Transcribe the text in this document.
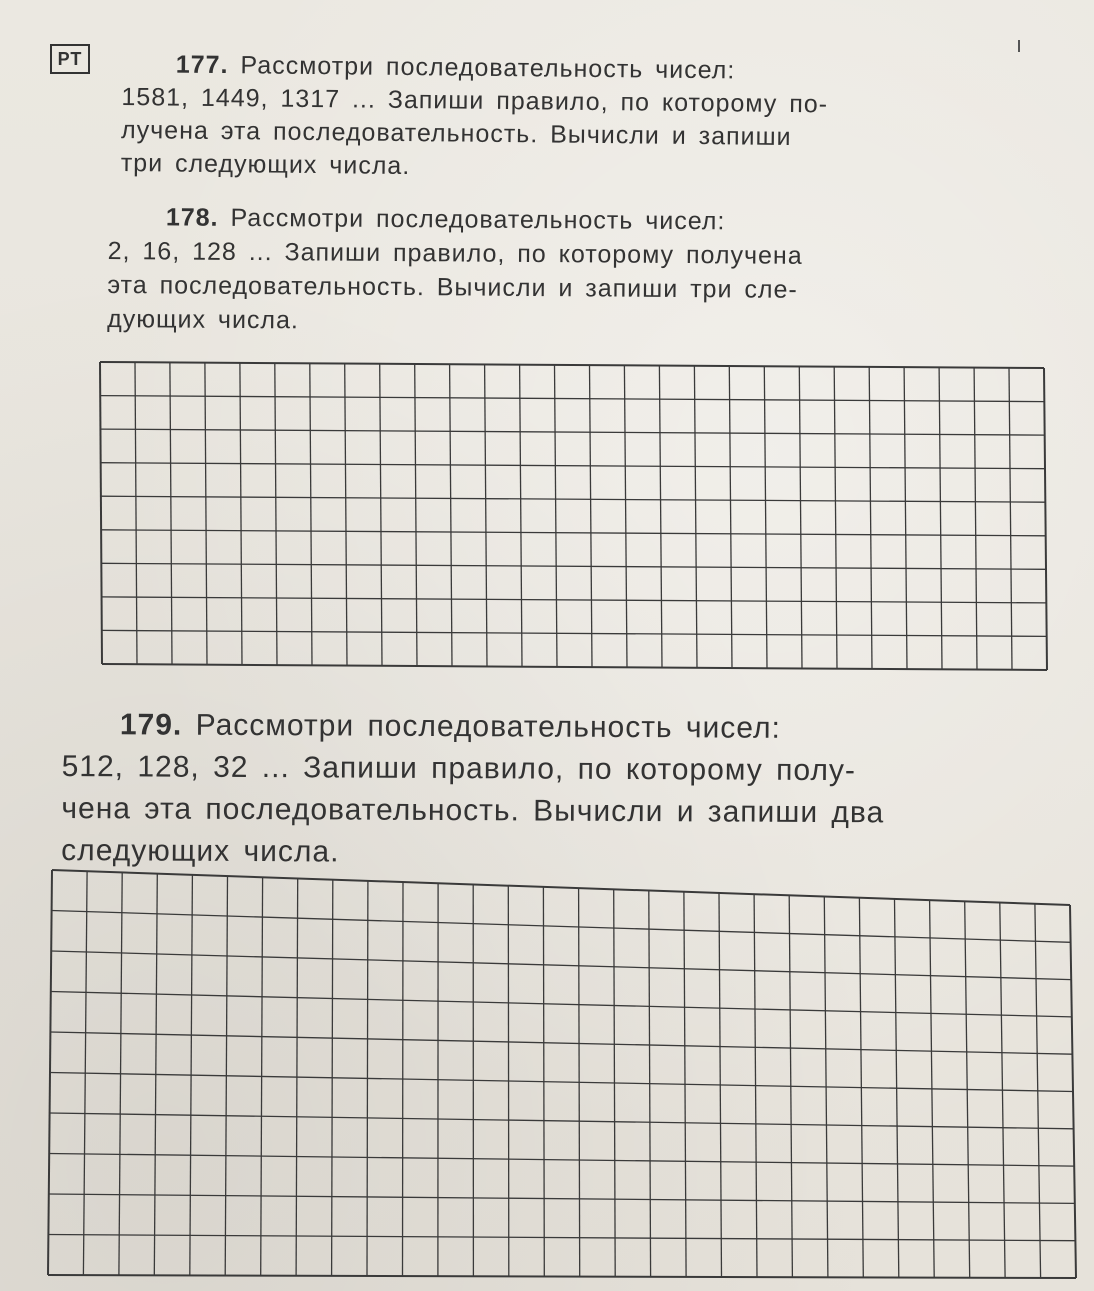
РТ	177. Рассмотри последовательность чисел:
1581, 1449, 1317 ... Запиши правило, по которому по-
лучена эта последовательность. Вычисли и запиши
три следующих числа.
178. Рассмотри последовательность чисел:
2, 16, 128 ... Запиши правило, по которому получена
эта последовательность. Вычисли и запиши три сле-
дующих числа.
179. Рассмотри последовательность чисел:
512, 128, 32 ... Запиши правило, по которому полу-
чена эта последовательность. Вычисли и запиши два
следующих числа.
